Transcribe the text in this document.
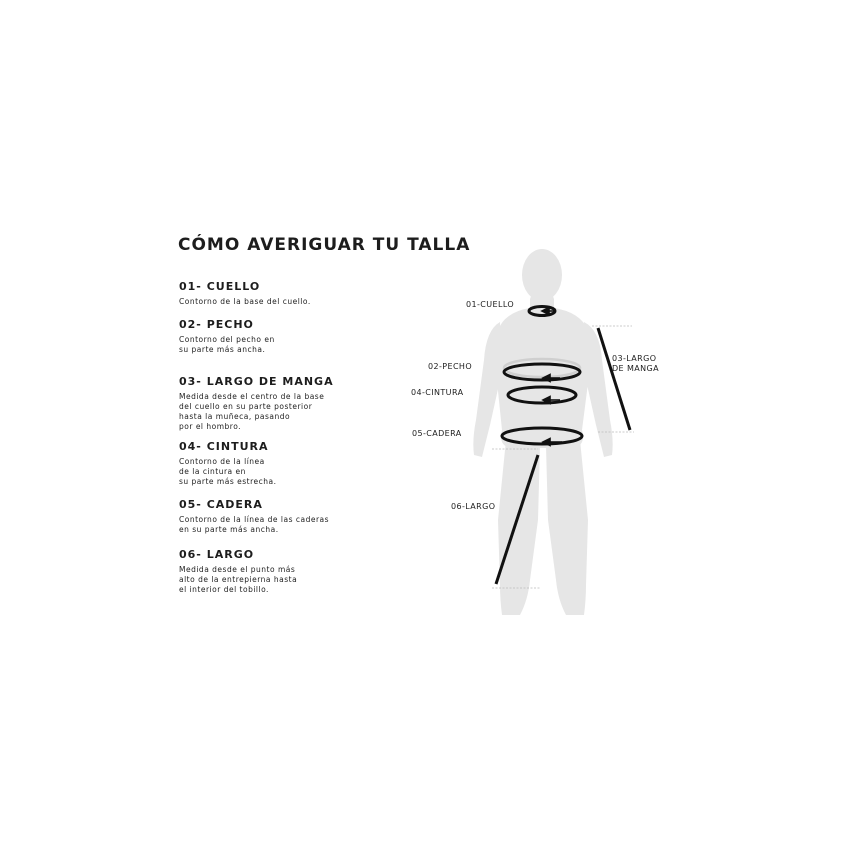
CÓMO AVERIGUAR TU TALLA
01- CUELLO
Contorno de la base del cuello.
02- PECHO
Contorno del pecho en
su parte más ancha.
03- LARGO DE MANGA
Medida desde el centro de la base
del cuello en su parte posterior
hasta la muñeca, pasando
por el hombro.
04- CINTURA
Contorno de la línea
de la cintura en
su parte más estrecha.
05- CADERA
Contorno de la línea de las caderas
en su parte más ancha.
06- LARGO
Medida desde el punto más
alto de la entrepierna hasta
el interior del tobillo.
01-CUELLO
02-PECHO
04-CINTURA
05-CADERA
03-LARGO
DE MANGA
06-LARGO
